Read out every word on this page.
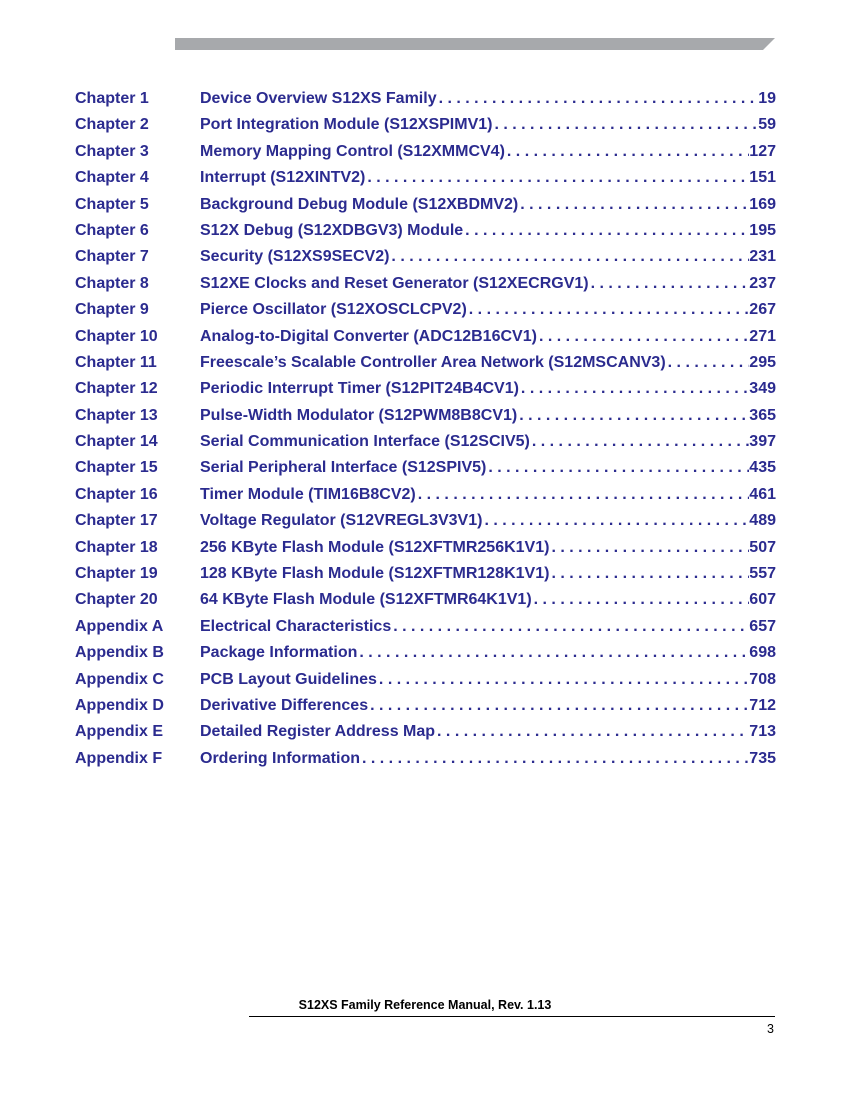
Chapter 1	Device Overview S12XS Family . . .	19
Chapter 2	Port Integration Module (S12XSPIMV1) . . .	59
Chapter 3	Memory Mapping Control (S12XMMCV4) . . .	127
Chapter 4	Interrupt (S12XINTV2) . . .	151
Chapter 5	Background Debug Module (S12XBDMV2) . . .	169
Chapter 6	S12X Debug (S12XDBGV3) Module . . .	195
Chapter 7	Security (S12XS9SECV2) . . .	231
Chapter 8	S12XE Clocks and Reset Generator (S12XECRGV1) . . .	237
Chapter 9	Pierce Oscillator (S12XOSCLCPV2) . . .	267
Chapter 10	Analog-to-Digital Converter (ADC12B16CV1) . . .	271
Chapter 11	Freescale’s Scalable Controller Area Network (S12MSCANV3) . . .	295
Chapter 12	Periodic Interrupt Timer (S12PIT24B4CV1) . . .	349
Chapter 13	Pulse-Width Modulator (S12PWM8B8CV1) . . .	365
Chapter 14	Serial Communication Interface (S12SCIV5) . . .	397
Chapter 15	Serial Peripheral Interface (S12SPIV5) . . .	435
Chapter 16	Timer Module (TIM16B8CV2) . . .	461
Chapter 17	Voltage Regulator (S12VREGL3V3V1) . . .	489
Chapter 18	256 KByte Flash Module (S12XFTMR256K1V1) . . .	507
Chapter 19	128 KByte Flash Module (S12XFTMR128K1V1) . . .	557
Chapter 20	64 KByte Flash Module (S12XFTMR64K1V1) . . .	607
Appendix A	Electrical Characteristics . . .	657
Appendix B	Package Information . . .	698
Appendix C	PCB Layout Guidelines . . .	708
Appendix D	Derivative Differences . . .	712
Appendix E	Detailed Register Address Map . . .	713
Appendix F	Ordering Information . . .	735
S12XS Family Reference Manual, Rev. 1.13
3
